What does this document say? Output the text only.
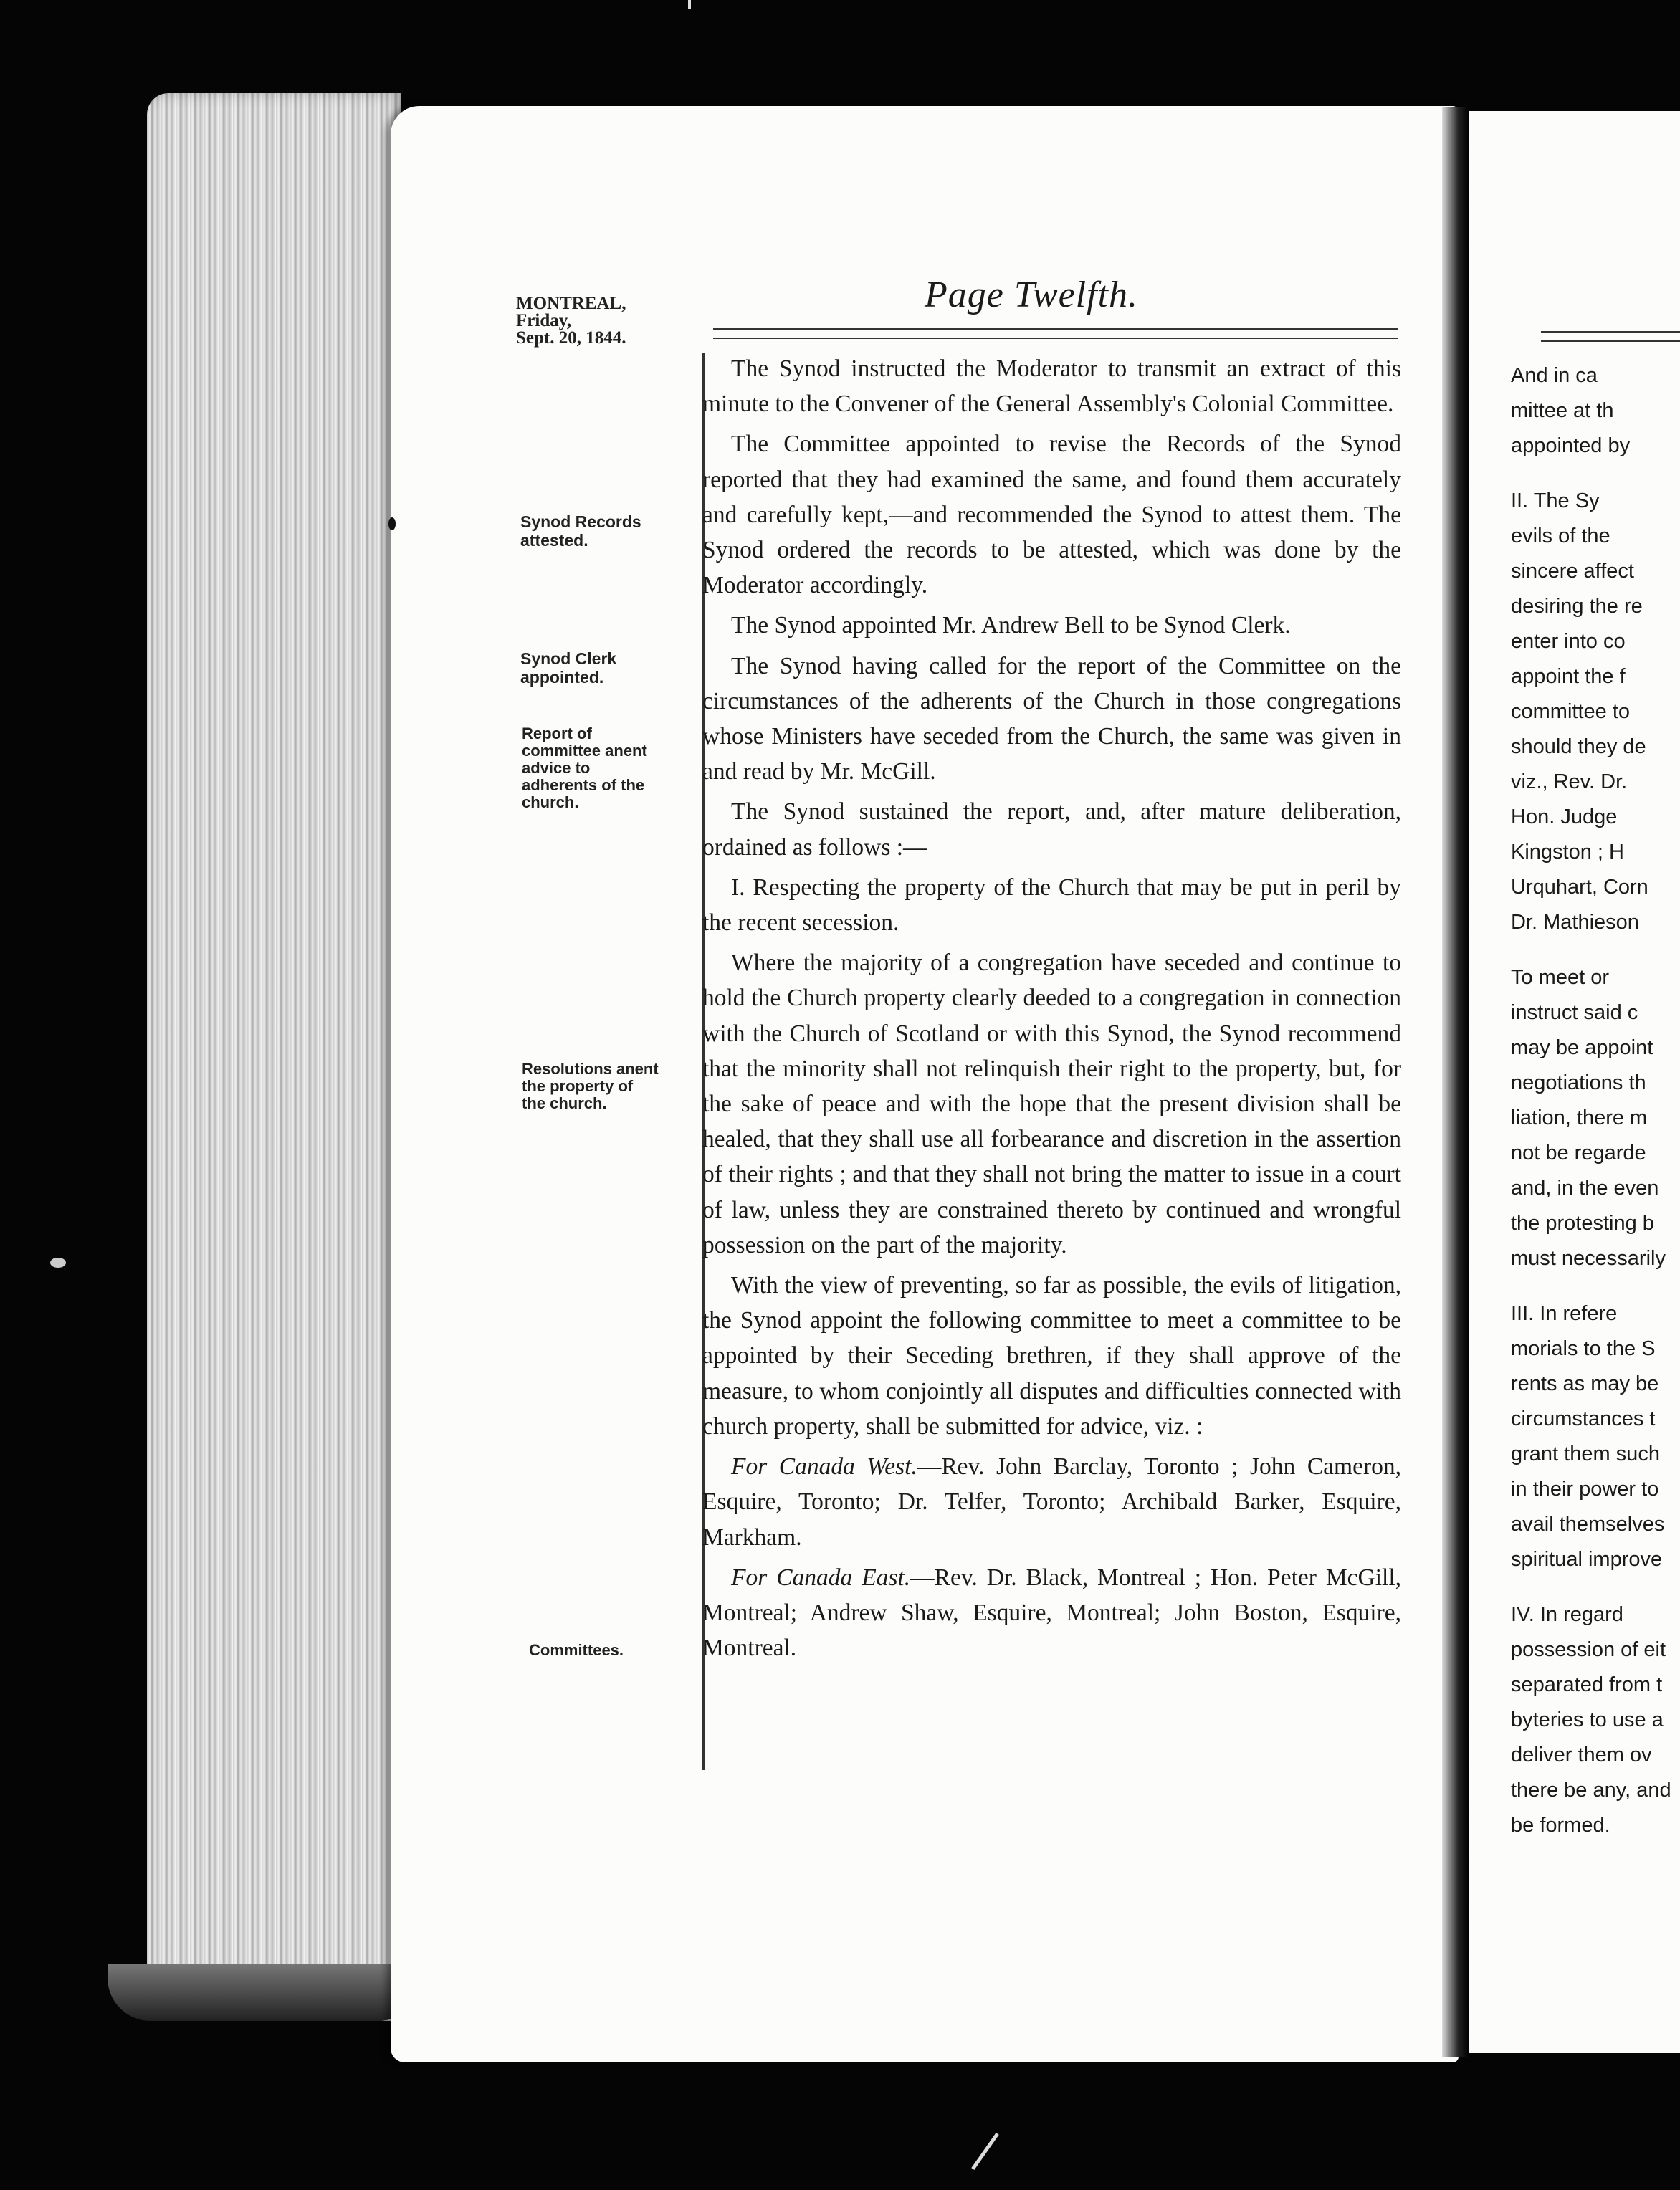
Page Twelfth.
MONTREAL,
Friday,
Sept. 20, 1844.
Synod Records
attested.
Synod Clerk
appointed.
Report of
committee anent
advice to
adherents of the
church.
Resolutions anent
the property of
the church.
Committees.

The Synod instructed the Moderator to transmit an extract of this minute to the Convener of the General Assembly's Colonial Committee.

The Committee appointed to revise the Records of the Synod reported that they had examined the same, and found them accurately and carefully kept,—and recommended the Synod to attest them. The Synod ordered the records to be attested, which was done by the Moderator accordingly.

The Synod appointed Mr. Andrew Bell to be Synod Clerk.

The Synod having called for the report of the Committee on the circumstances of the adherents of the Church in those congregations whose Ministers have seceded from the Church, the same was given in and read by Mr. McGill.

The Synod sustained the report, and, after mature deliberation, ordained as follows :—

I. Respecting the property of the Church that may be put in peril by the recent secession.

Where the majority of a congregation have seceded and continue to hold the Church property clearly deeded to a congregation in connection with the Church of Scotland or with this Synod, the Synod recommend that the minority shall not relinquish their right to the property, but, for the sake of peace and with the hope that the present division shall be healed, that they shall use all forbearance and discretion in the assertion of their rights ; and that they shall not bring the matter to issue in a court of law, unless they are constrained thereto by continued and wrongful possession on the part of the majority.

With the view of preventing, so far as possible, the evils of litigation, the Synod appoint the following committee to meet a committee to be appointed by their Seceding brethren, if they shall approve of the measure, to whom conjointly all disputes and difficulties connected with church property, shall be submitted for advice, viz. :

For Canada West.—Rev. John Barclay, Toronto ; John Cameron, Esquire, Toronto; Dr. Telfer, Toronto; Archibald Barker, Esquire, Markham.

For Canada East.—Rev. Dr. Black, Montreal ; Hon. Peter McGill, Montreal; Andrew Shaw, Esquire, Montreal; John Boston, Esquire, Montreal.

And in ca
mittee at th
appointed by
II. The Sy
evils of the
sincere affect
desiring the re
enter into co
appoint the f
committee to
should they de
viz., Rev. Dr.
Hon. Judge
Kingston ; H
Urquhart, Corn
Dr. Mathieson
To meet or
instruct said c
may be appoint
negotiations th
liation, there m
not be regarde
and, in the even
the protesting b
must necessarily
III. In refere
morials to the S
rents as may be
circumstances t
grant them such
in their power to
avail themselves
spiritual improve
IV. In regard
possession of eit
separated from t
byteries to use a
deliver them ov
there be any, and
be formed.
